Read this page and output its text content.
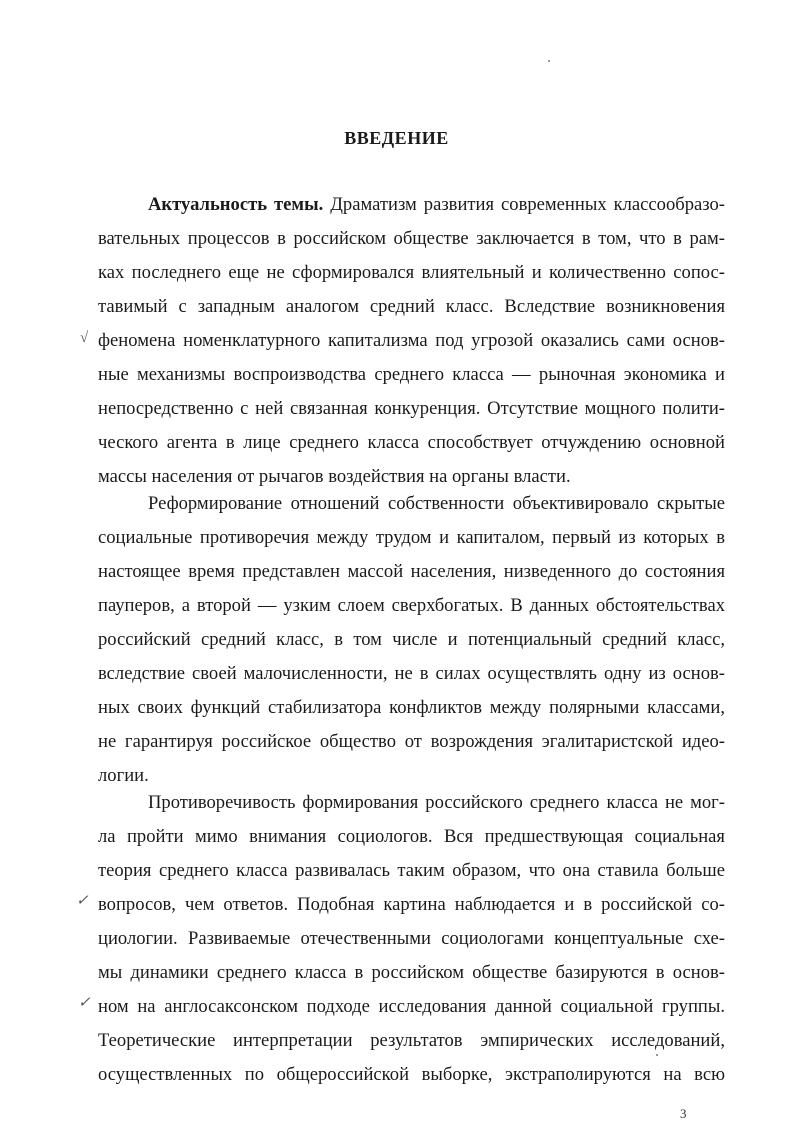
ВВЕДЕНИЕ
Актуальность темы. Драматизм развития современных классообразо-
вательных процессов в российском обществе заключается в том, что в рам-
ках последнего еще не сформировался влиятельный и количественно сопос-
тавимый с западным аналогом средний класс. Вследствие возникновения
феномена номенклатурного капитализма под угрозой оказались сами основ-
ные механизмы воспроизводства среднего класса — рыночная экономика и
непосредственно с ней связанная конкуренция. Отсутствие мощного полити-
ческого агента в лице среднего класса способствует отчуждению основной
массы населения от рычагов воздействия на органы власти.
Реформирование отношений собственности объективировало скрытые
социальные противоречия между трудом и капиталом, первый из которых в
настоящее время представлен массой населения, низведенного до состояния
пауперов, а второй — узким слоем сверхбогатых. В данных обстоятельствах
российский средний класс, в том числе и потенциальный средний класс,
вследствие своей малочисленности, не в силах осуществлять одну из основ-
ных своих функций стабилизатора конфликтов между полярными классами,
не гарантируя российское общество от возрождения эгалитаристской идео-
логии.
Противоречивость формирования российского среднего класса не мог-
ла пройти мимо внимания социологов. Вся предшествующая социальная
теория среднего класса развивалась таким образом, что она ставила больше
вопросов, чем ответов. Подобная картина наблюдается и в российской со-
циологии. Развиваемые отечественными социологами концептуальные схе-
мы динамики среднего класса в российском обществе базируются в основ-
ном на англосаксонском подходе исследования данной социальной группы.
Теоретические интерпретации результатов эмпирических исследований,
осуществленных по общероссийской выборке, экстраполируются на всю
√
✓
✓
3
